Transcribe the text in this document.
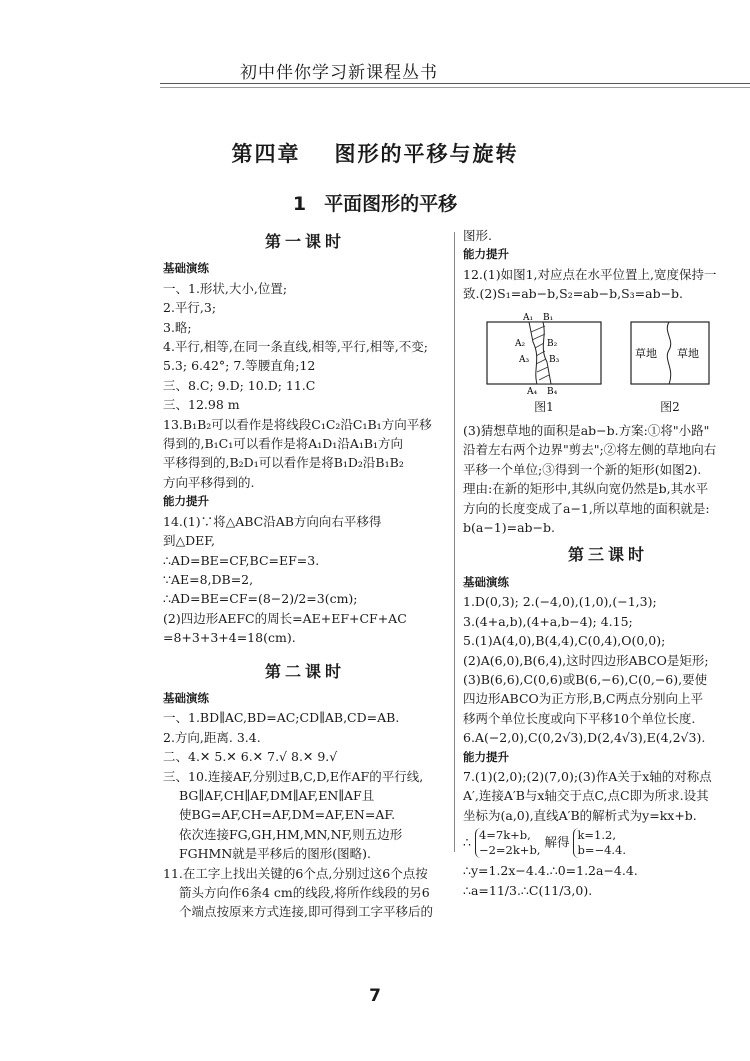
初中伴你学习新课程丛书
第四章 图形的平移与旋转
1 平面图形的平移
第一课时
基础演练
一、1.形状,大小,位置;
2.平行,3;
3.略;
4.平行,相等,在同一条直线,相等,平行,相等,不变;
5.3; 6.42°; 7.等腰直角;12
三、8.C; 9.D; 10.D; 11.C
三、12.98 m
13.B₁B₂可以看作是将线段C₁C₂沿C₁B₁方向平移
得到的,B₁C₁可以看作是将A₁D₁沿A₁B₁方向
平移得到的,B₂D₁可以看作是将B₁D₂沿B₁B₂
方向平移得到的.
能力提升
14.(1)∵将△ABC沿AB方向向右平移得
到△DEF,
∴AD=BE=CF,BC=EF=3.
∵AE=8,DB=2,
∴AD=BE=CF=(8−2)/2=3(cm);
(2)四边形AEFC的周长=AE+EF+CF+AC
=8+3+3+4=18(cm).
第二课时
基础演练
一、1.BD∥AC,BD=AC;CD∥AB,CD=AB.
2.方向,距离. 3.4.
二、4.✕ 5.✕ 6.✕ 7.√ 8.✕ 9.√
三、10.连接AF,分别过B,C,D,E作AF的平行线,
BG∥AF,CH∥AF,DM∥AF,EN∥AF且
使BG=AF,CH=AF,DM=AF,EN=AF.
依次连接FG,GH,HM,MN,NF,则五边形
FGHMN就是平移后的图形(图略).
11.在工字上找出关键的6个点,分别过这6个点按
箭头方向作6条4 cm的线段,将所作线段的另6
个端点按原来方式连接,即可得到工字平移后的
图形.
能力提升
12.(1)如图1,对应点在水平位置上,宽度保持一
致.(2)S₁=ab−b,S₂=ab−b,S₃=ab−b.
A₁ B₁
A₂ B₂
A₃ B₃
A₄ B₄
图1
草地 草地
图2
(3)猜想草地的面积是ab−b.方案:①将"小路"
沿着左右两个边界"剪去";②将左侧的草地向右
平移一个单位;③得到一个新的矩形(如图2).
理由:在新的矩形中,其纵向宽仍然是b,其水平
方向的长度变成了a−1,所以草地的面积就是:
b(a−1)=ab−b.
第三课时
基础演练
1.D(0,3); 2.(−4,0),(1,0),(−1,3);
3.(4+a,b),(4+a,b−4); 4.15;
5.(1)A(4,0),B(4,4),C(0,4),O(0,0);
(2)A(6,0),B(6,4),这时四边形ABCO是矩形;
(3)B(6,6),C(0,6)或B(6,−6),C(0,−6),要使
四边形ABCO为正方形,B,C两点分别向上平
移两个单位长度或向下平移10个单位长度.
6.A(−2,0),C(0,2√3),D(2,4√3),E(4,2√3).
能力提升
7.(1)(2,0);(2)(7,0);(3)作A关于x轴的对称点
A′,连接A′B与x轴交于点C,点C即为所求.设其
坐标为(a,0),直线A′B的解析式为y=kx+b.
∴ 4=7k+b,
−2=2k+b,
解得 k=1.2,
b=−4.4.
∴y=1.2x−4.4.∴0=1.2a−4.4.
∴a=11/3.∴C(11/3,0).
7
